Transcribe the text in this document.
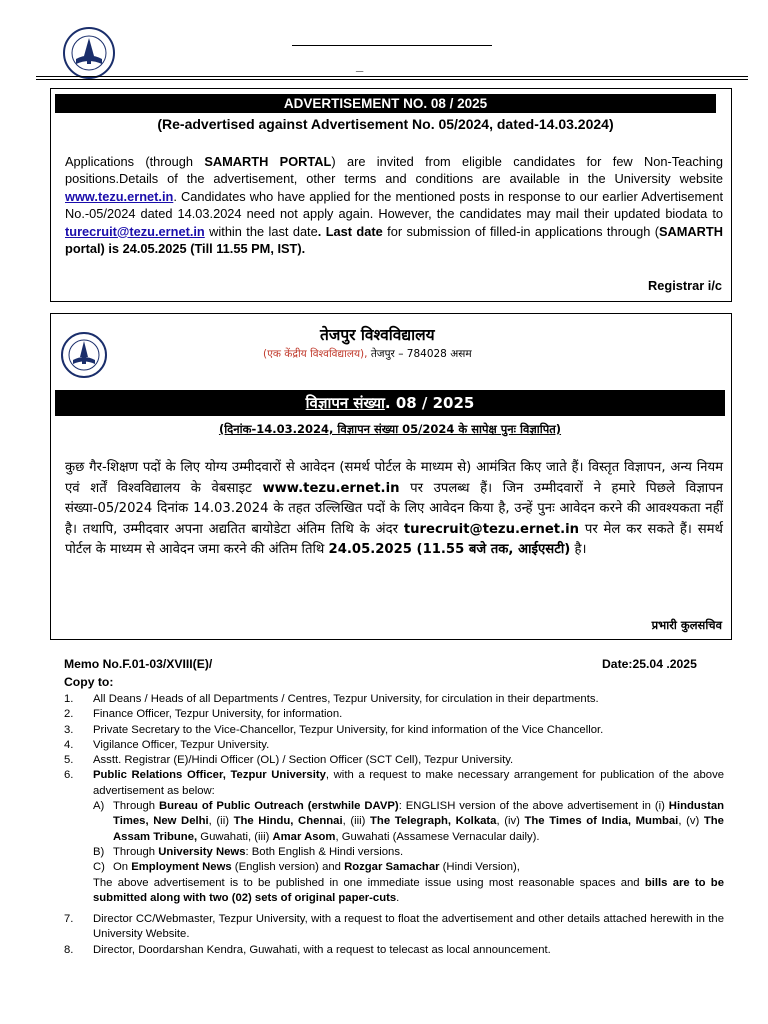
_
ADVERTISEMENT NO. 08 / 2025
(Re-advertised against Advertisement No. 05/2024, dated-14.03.2024)
Applications (through SAMARTH PORTAL) are invited from eligible candidates for few Non-Teaching positions.Details of the advertisement, other terms and conditions are available in the University website www.tezu.ernet.in. Candidates who have applied for the mentioned posts in response to our earlier Advertisement No.-05/2024 dated 14.03.2024 need not apply again. However, the candidates may mail their updated biodata to turecruit@tezu.ernet.in within the last date. Last date for submission of filled-in applications through (SAMARTH portal) is 24.05.2025 (Till 11.55 PM, IST).
Registrar i/c
तेजपुर विश्वविद्यालय
(एक केंद्रीय विश्वविद्यालय), तेजपुर – 784028 असम
विज्ञापन संख्या. 08 / 2025
(दिनांक-14.03.2024, विज्ञापन संख्या 05/2024 के सापेक्ष पुनः विज्ञापित)
कुछ गैर-शिक्षण पदों के लिए योग्य उम्मीदवारों से आवेदन (समर्थ पोर्टल के माध्यम से) आमंत्रित किए जाते हैं। विस्तृत विज्ञापन, अन्य नियम एवं शर्तें विश्वविद्यालय के वेबसाइट www.tezu.ernet.in पर उपलब्ध हैं। जिन उम्मीदवारों ने हमारे पिछले विज्ञापन संख्या-05/2024 दिनांक 14.03.2024 के तहत उल्लिखित पदों के लिए आवेदन किया है, उन्हें पुनः आवेदन करने की आवश्यकता नहीं है। तथापि, उम्मीदवार अपना अद्यतित बायोडेटा अंतिम तिथि के अंदर turecruit@tezu.ernet.in पर मेल कर सकते हैं। समर्थ पोर्टल के माध्यम से आवेदन जमा करने की अंतिम तिथि 24.05.2025 (11.55 बजे तक, आईएसटी) है।
प्रभारी कुलसचिव
Memo No.F.01-03/XVIII(E)/	Date:25.04 .2025
Copy to:
1.	All Deans / Heads of all Departments / Centres, Tezpur University, for circulation in their departments.
2.	Finance Officer, Tezpur University, for information.
3.	Private Secretary to the Vice-Chancellor, Tezpur University, for kind information of the Vice Chancellor.
4.	Vigilance Officer, Tezpur University.
5.	Asstt. Registrar (E)/Hindi Officer (OL) / Section Officer (SCT Cell), Tezpur University.
6.	Public Relations Officer, Tezpur University, with a request to make necessary arrangement for publication of the above advertisement as below:
A) Through Bureau of Public Outreach (erstwhile DAVP): ENGLISH version of the above advertisement in (i) Hindustan Times, New Delhi, (ii) The Hindu, Chennai, (iii) The Telegraph, Kolkata, (iv) The Times of India, Mumbai, (v) The Assam Tribune, Guwahati, (iii) Amar Asom, Guwahati (Assamese Vernacular daily).
B) Through University News: Both English & Hindi versions.
C) On Employment News (English version) and Rozgar Samachar (Hindi Version),
The above advertisement is to be published in one immediate issue using most reasonable spaces and bills are to be submitted along with two (02) sets of original paper-cuts.
7.	Director CC/Webmaster, Tezpur University, with a request to float the advertisement and other details attached herewith in the University Website.
8.	Director, Doordarshan Kendra, Guwahati, with a request to telecast as local announcement.
